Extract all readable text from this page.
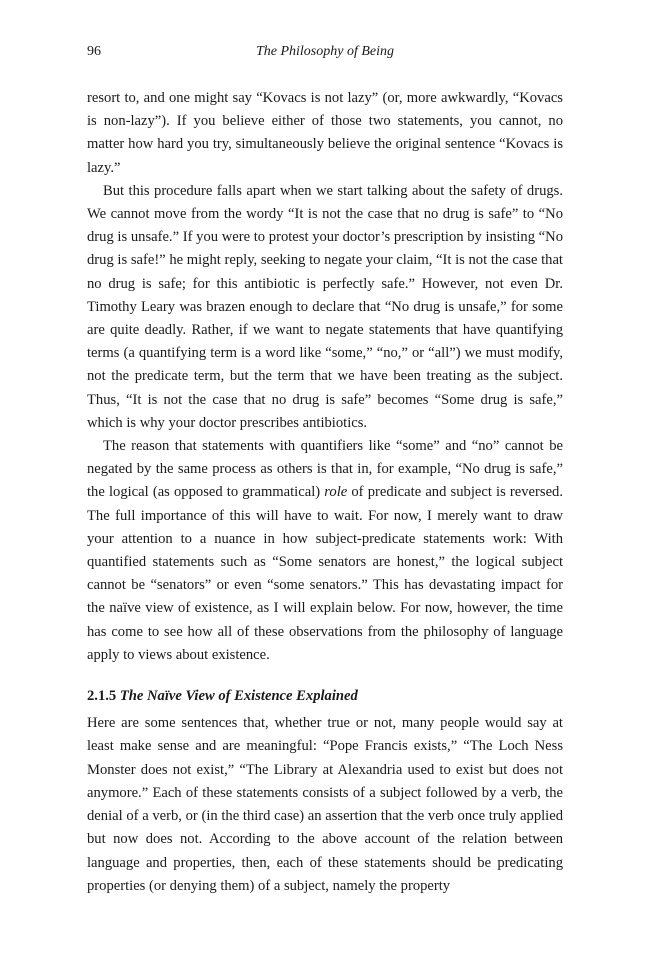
96	The Philosophy of Being

resort to, and one might say “Kovacs is not lazy” (or, more awkwardly, “Kovacs is non-lazy”). If you believe either of those two statements, you cannot, no matter how hard you try, simultaneously believe the original sentence “Kovacs is lazy.”

But this procedure falls apart when we start talking about the safety of drugs. We cannot move from the wordy “It is not the case that no drug is safe” to “No drug is unsafe.” If you were to protest your doctor’s prescription by insisting “No drug is safe!” he might reply, seeking to negate your claim, “It is not the case that no drug is safe; for this antibiotic is perfectly safe.” However, not even Dr. Timothy Leary was brazen enough to declare that “No drug is unsafe,” for some are quite deadly. Rather, if we want to negate statements that have quantifying terms (a quantifying term is a word like “some,” “no,” or “all”) we must modify, not the predicate term, but the term that we have been treating as the subject. Thus, “It is not the case that no drug is safe” becomes “Some drug is safe,” which is why your doctor prescribes antibiotics.

The reason that statements with quantifiers like “some” and “no” cannot be negated by the same process as others is that in, for example, “No drug is safe,” the logical (as opposed to grammatical) role of predicate and subject is reversed. The full importance of this will have to wait. For now, I merely want to draw your attention to a nuance in how subject-predicate statements work: With quantified statements such as “Some senators are honest,” the logical subject cannot be “senators” or even “some senators.” This has devastating impact for the naïve view of existence, as I will explain below. For now, however, the time has come to see how all of these observations from the philosophy of language apply to views about existence.

2.1.5 The Naïve View of Existence Explained

Here are some sentences that, whether true or not, many people would say at least make sense and are meaningful: “Pope Francis exists,” “The Loch Ness Monster does not exist,” “The Library at Alexandria used to exist but does not anymore.” Each of these statements consists of a subject followed by a verb, the denial of a verb, or (in the third case) an assertion that the verb once truly applied but now does not. According to the above account of the relation between language and properties, then, each of these statements should be predicating properties (or denying them) of a subject, namely the property
